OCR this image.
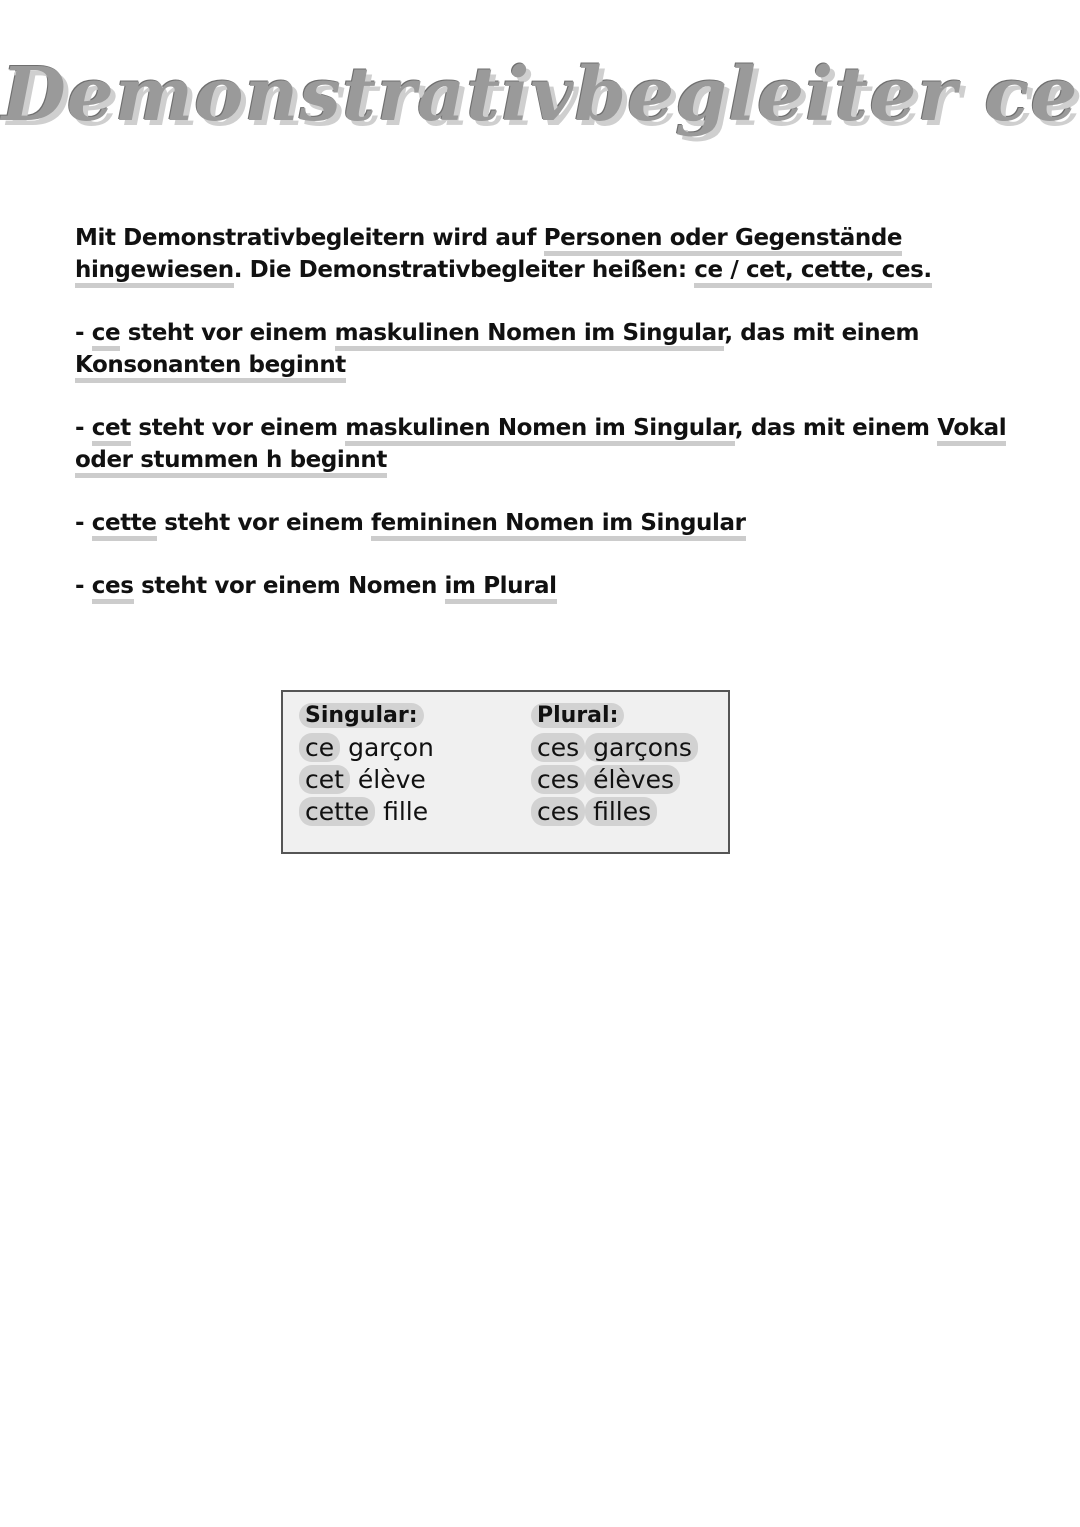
Demonstrativbegleiter ce

Mit Demonstrativbegleitern wird auf Personen oder Gegenstände hingewiesen. Die Demonstrativbegleiter heißen: ce / cet, cette, ces.

- ce steht vor einem maskulinen Nomen im Singular, das mit einem Konsonanten beginnt

- cet steht vor einem maskulinen Nomen im Singular, das mit einem Vokal oder stummen h beginnt

- cette steht vor einem femininen Nomen im Singular

- ces steht vor einem Nomen im Plural

Singular:
ce garçon
cet élève
cette fille
Plural:
ces garçons
ces élèves
ces filles
